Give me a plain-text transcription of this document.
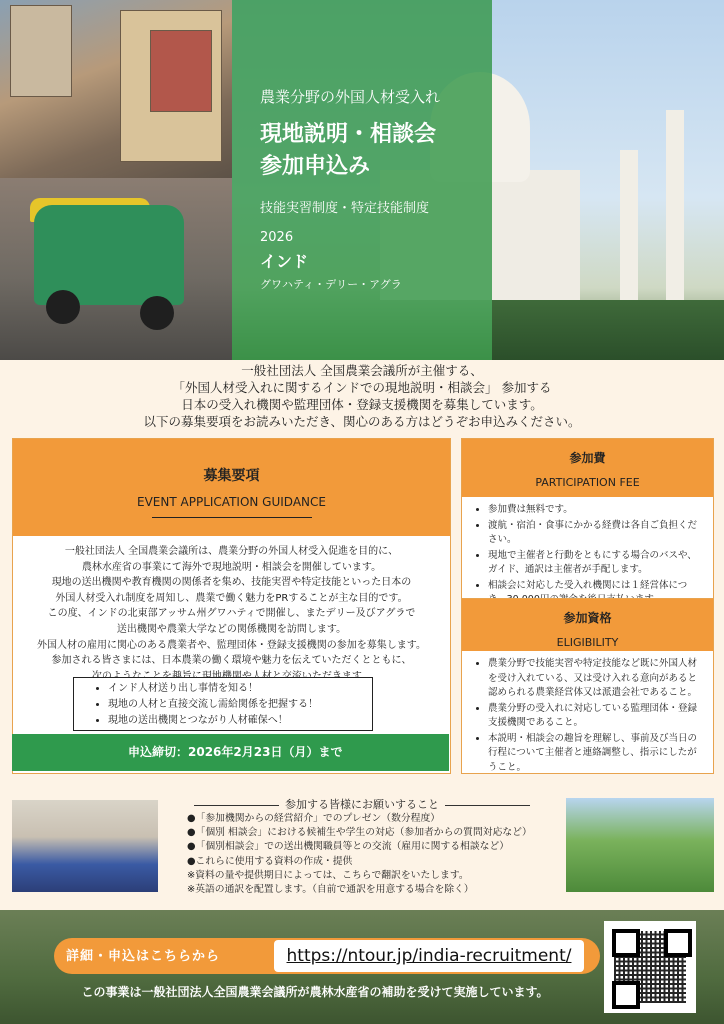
農業分野の外国人材受入れ
現地説明・相談会
参加申込み
技能実習制度・特定技能制度
2026
インド
グワハティ・デリー・アグラ
一般社団法人 全国農業会議所が主催する、
「外国人材受入れに関するインドでの現地説明・相談会」 参加する
日本の受入れ機関や監理団体・登録支援機関を募集しています。
以下の募集要項をお読みいただき、関心のある方はどうぞお申込みください。
募集要項
EVENT APPLICATION GUIDANCE
一般社団法人 全国農業会議所は、農業分野の外国人材受入促進を目的に、
農林水産省の事業にて海外で現地説明・相談会を開催しています。
現地の送出機関や教育機関の関係者を集め、技能実習や特定技能といった日本の
外国人材受入れ制度を周知し、農業で働く魅力をPRすることが主な目的です。
この度、インドの北東部アッサム州グワハティで開催し、またデリー及びアグラで
送出機関や農業大学などの関係機関を訪問します。
外国人材の雇用に関心のある農業者や、監理団体・登録支援機関の参加を募集します。
参加される皆さまには、日本農業の働く環境や魅力を伝えていただくとともに、
• インド人材送り出し事情を知る！
• 現地の人材と直接交流し需給関係を把握する！
• 現地の送出機関とつながり人材確保へ！
申込締切：2026年2月23日（月）まで
参加費
PARTICIPATION FEE
• 参加費は無料です。
• 渡航・宿泊・食事にかかる経費は各自ご負担ください。
• 現地で主催者と行動をともにする場合のバスや、ガイド、通訳は主催者が手配します。
• 相談会に対応した受入れ機関には１経営体につ
参加資格
ELIGIBILITY
• 農業分野で技能実習や特定技能など既に外国人材を受け入れている、又は受け入れる意向があると認められる農業経営体又は派遣会社であること。
• 農業分野の受入れに対応している監理団体・登録支援機関であること。
• 本説明・相談会の趣旨を理解し、事前及び当日の行程について主催者と連絡調整し、指示にしたがうこと。
参加する皆様にお願いすること
●「参加機関からの経営紹介」でのプレゼン（数分程度）
●「個別 相談会」における候補生や学生の対応（参加者からの質問対応など）
●「個別相談会」での送出機関職員等との交流（雇用に関する相談など）
●これらに使用する資料の作成・提供
※資料の量や提供期日によっては、こちらで翻訳をいたします。
※英語の通訳を配置します。（自前で通訳を用意する場合を除く）
詳細・申込はこちらから	https://ntour.jp/india-recruitment/
この事業は一般社団法人全国農業会議所が農林水産省の補助を受けて実施しています。
